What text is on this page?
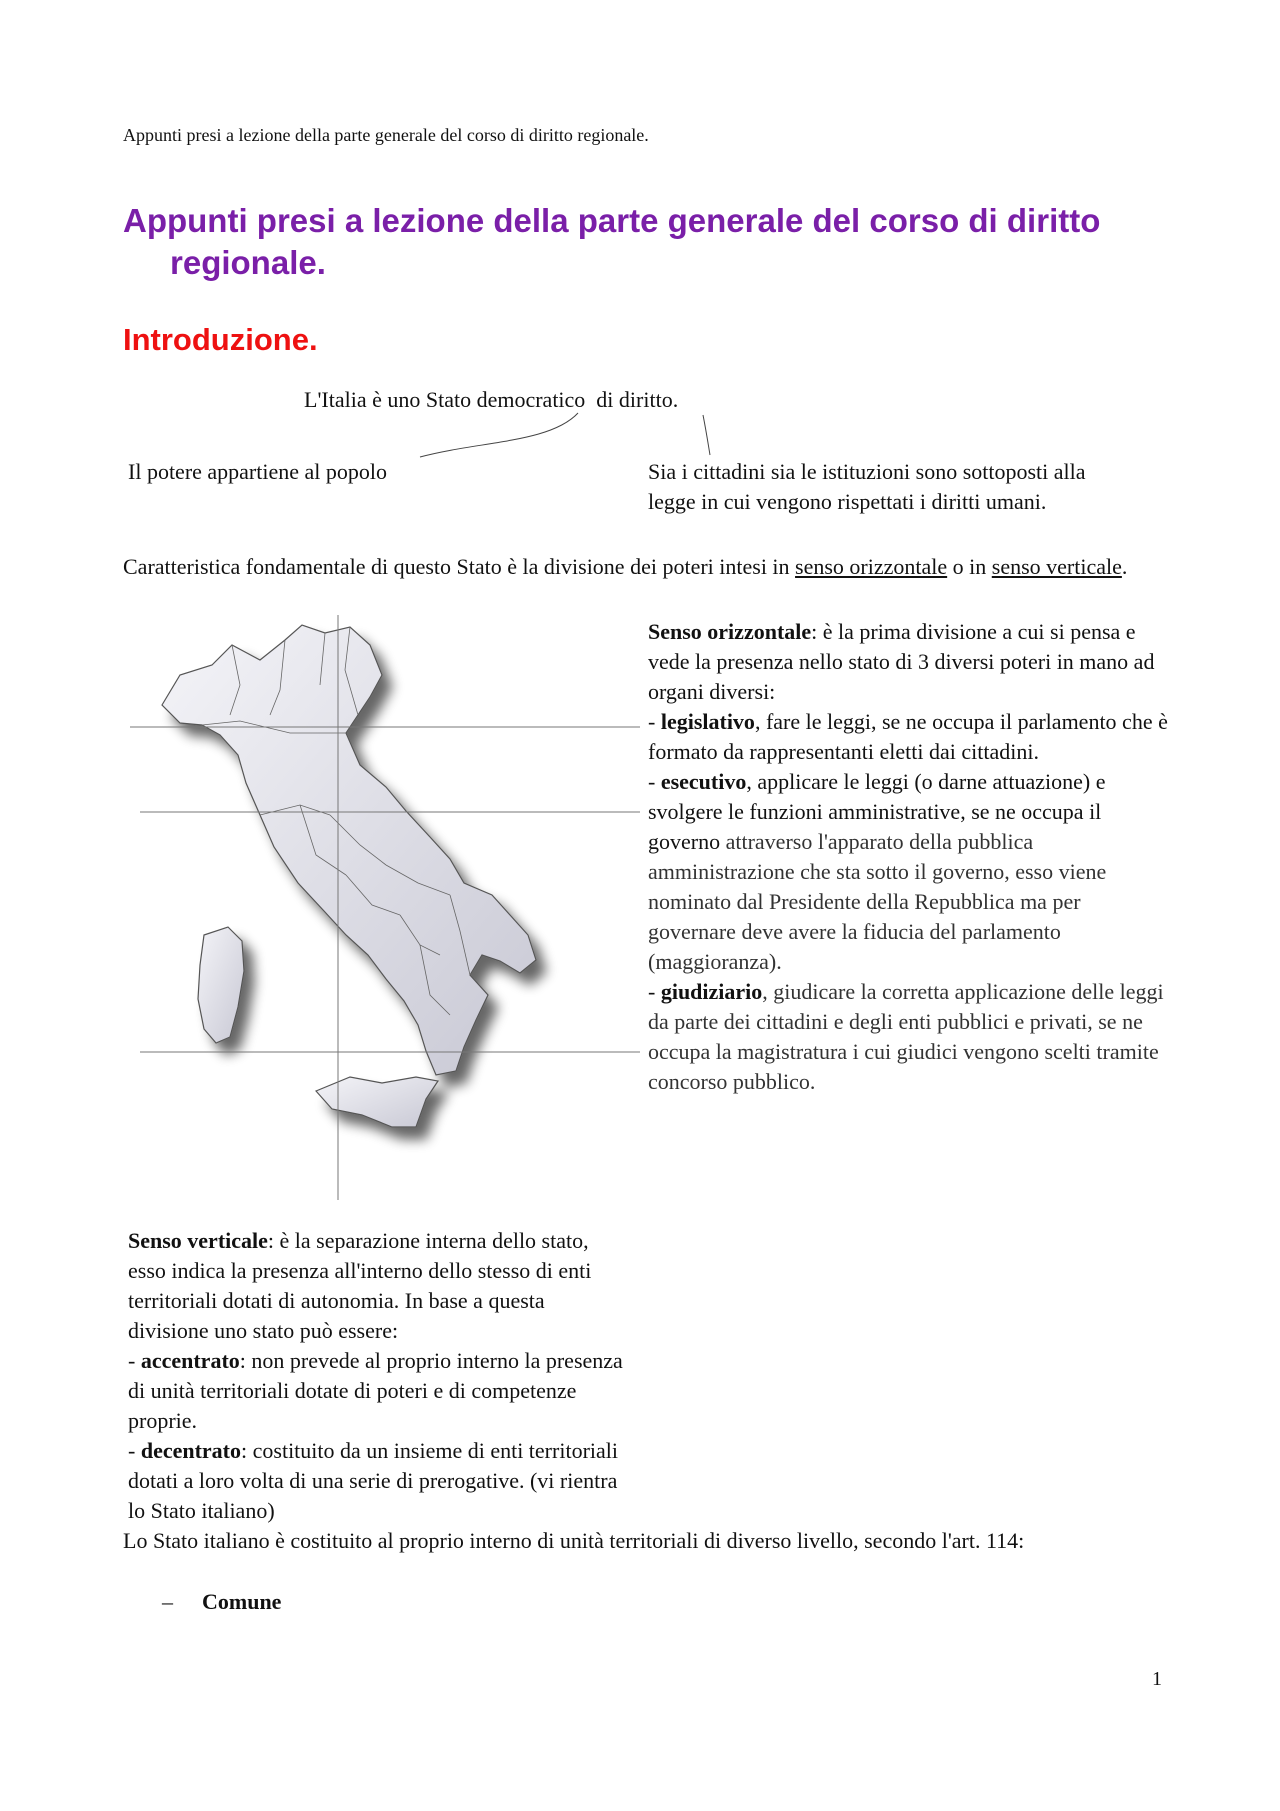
Appunti presi a lezione della parte generale del corso di diritto regionale.
Appunti presi a lezione della parte generale del corso di diritto regionale.
Introduzione.
L'Italia è uno Stato democratico  di diritto.
Il potere appartiene al popolo	Sia i cittadini sia le istituzioni sono sottoposti alla legge in cui vengono rispettati i diritti umani.
Caratteristica fondamentale di questo Stato è la divisione dei poteri intesi in senso orizzontale o in senso verticale.
Senso orizzontale: è la prima divisione a cui si pensa e vede la presenza nello stato di 3 diversi poteri in mano ad organi diversi:
- legislativo, fare le leggi, se ne occupa il parlamento che è formato da rappresentanti eletti dai cittadini.
- esecutivo, applicare le leggi (o darne attuazione) e svolgere le funzioni amministrative, se ne occupa il governo attraverso l'apparato della pubblica amministrazione che sta sotto il governo, esso viene nominato dal Presidente della Repubblica ma per governare deve avere la fiducia del parlamento (maggioranza).
- giudiziario, giudicare la corretta applicazione delle leggi da parte dei cittadini e degli enti pubblici e privati, se ne occupa la magistratura i cui giudici vengono scelti tramite concorso pubblico.
Senso verticale: è la separazione interna dello stato, esso indica la presenza all'interno dello stesso di enti territoriali dotati di autonomia. In base a questa divisione uno stato può essere:
- accentrato: non prevede al proprio interno la presenza di unità territoriali dotate di poteri e di competenze proprie.
- decentrato: costituito da un insieme di enti territoriali dotati a loro volta di una serie di prerogative. (vi rientra lo Stato italiano)
Lo Stato italiano è costituito al proprio interno di unità territoriali di diverso livello, secondo l'art. 114:
– Comune
1
